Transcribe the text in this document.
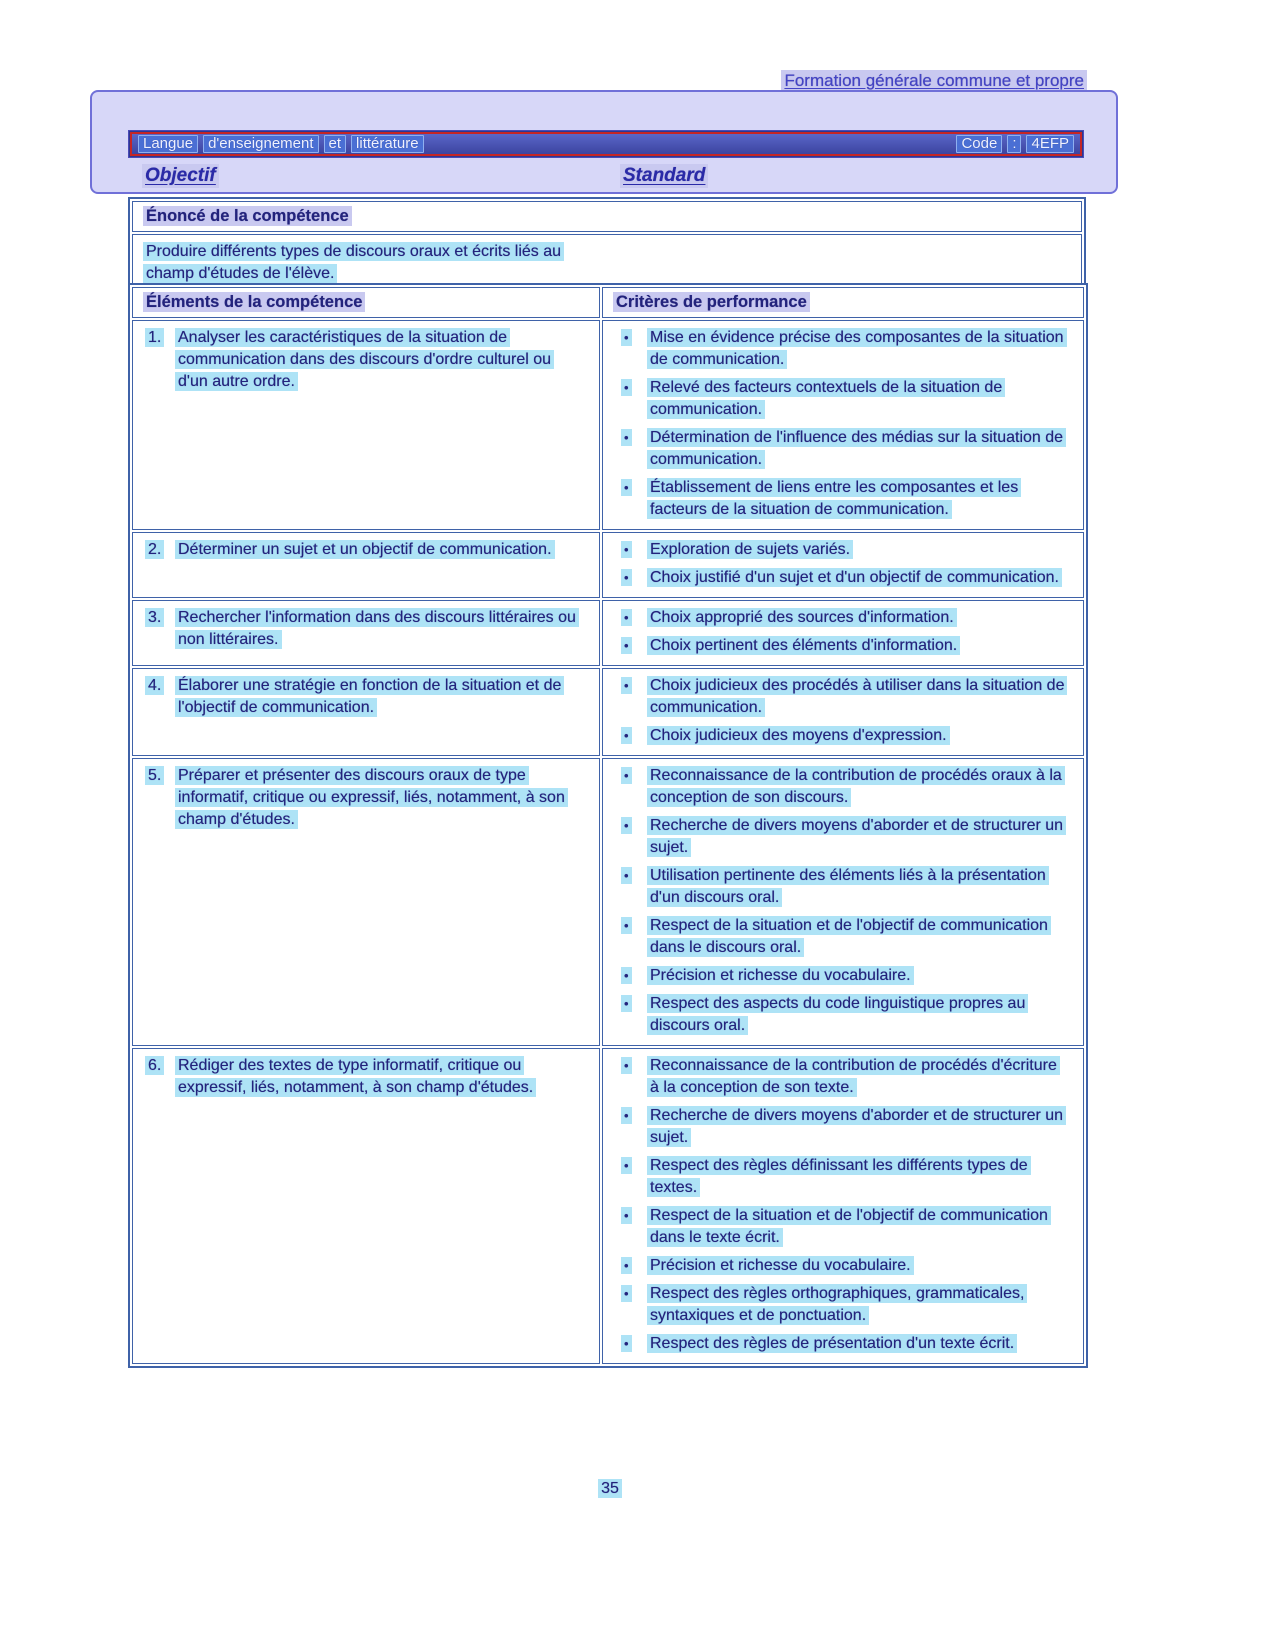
Formation générale commune et propre
Langue	d'enseignement	et	littérature	Code	:	4EFP
Objectif	Standard
Énoncé de la compétence

Produire différents types de discours oraux et écrits liés au champ d'études de l'élève.
Éléments de la compétence	Critères de performance

1.	Analyser les caractéristiques de la situation de communication dans des discours d'ordre culturel ou d'un autre ordre.

•	Mise en évidence précise des composantes de la situation de communication.
•	Relevé des facteurs contextuels de la situation de communication.
•	Détermination de l'influence des médias sur la situation de communication.
•	Établissement de liens entre les composantes et les facteurs de la situation de communication.

2.	Déterminer un sujet et un objectif de communication.	•	Exploration de sujets variés.
•	Choix justifié d'un sujet et d'un objectif de communication.

3.	Rechercher l'information dans des discours littéraires ou non littéraires.

•	Choix approprié des sources d'information.
•	Choix pertinent des éléments d'information.

4.	Élaborer une stratégie en fonction de la situation et de l'objectif de communication.

•	Choix judicieux des procédés à utiliser dans la situation de communication.
•	Choix judicieux des moyens d'expression.

5.	Préparer et présenter des discours oraux de type informatif, critique ou expressif, liés, notamment, à son champ d'études.

•	Reconnaissance de la contribution de procédés oraux à la conception de son discours.
•	Recherche de divers moyens d'aborder et de structurer un sujet.
•	Utilisation pertinente des éléments liés à la présentation d'un discours oral.
•	Respect de la situation et de l'objectif de communication dans le discours oral.
•	Précision et richesse du vocabulaire.
•	Respect des aspects du code linguistique propres au discours oral.

6.	Rédiger des textes de type informatif, critique ou expressif, liés, notamment, à son champ d'études.

•	Reconnaissance de la contribution de procédés d'écriture à la conception de son texte.
•	Recherche de divers moyens d'aborder et de structurer un sujet.
•	Respect des règles définissant les différents types de textes.
•	Respect de la situation et de l'objectif de communication dans le texte écrit.
•	Précision et richesse du vocabulaire.
•	Respect des règles orthographiques, grammaticales, syntaxiques et de ponctuation.
•	Respect des règles de présentation d'un texte écrit.
35
